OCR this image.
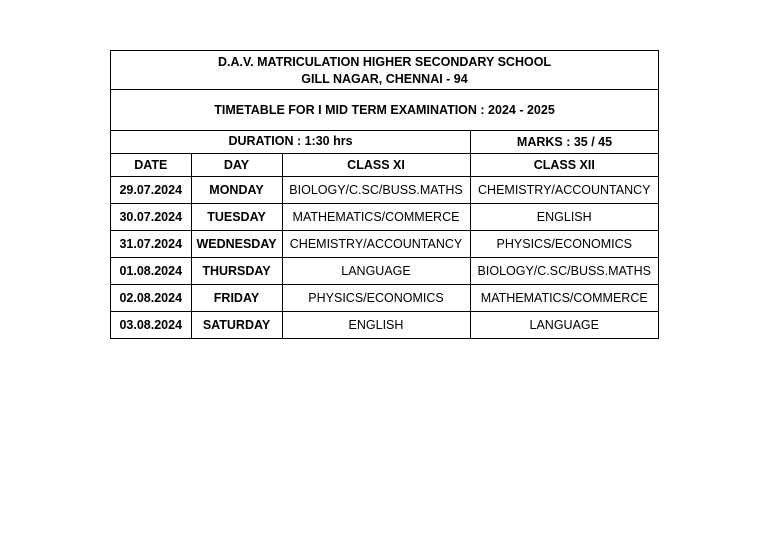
D.A.V. MATRICULATION HIGHER SECONDARY SCHOOL
GILL NAGAR, CHENNAI - 94
TIMETABLE FOR I MID TERM EXAMINATION : 2024 - 2025
DURATION : 1:30 hrs	MARKS : 35 / 45
DATE	DAY	CLASS XI	CLASS XII
29.07.2024	MONDAY	BIOLOGY/C.SC/BUSS.MATHS	CHEMISTRY/ACCOUNTANCY
30.07.2024	TUESDAY	MATHEMATICS/COMMERCE	ENGLISH
31.07.2024	WEDNESDAY	CHEMISTRY/ACCOUNTANCY	PHYSICS/ECONOMICS
01.08.2024	THURSDAY	LANGUAGE	BIOLOGY/C.SC/BUSS.MATHS
02.08.2024	FRIDAY	PHYSICS/ECONOMICS	MATHEMATICS/COMMERCE
03.08.2024	SATURDAY	ENGLISH	LANGUAGE
